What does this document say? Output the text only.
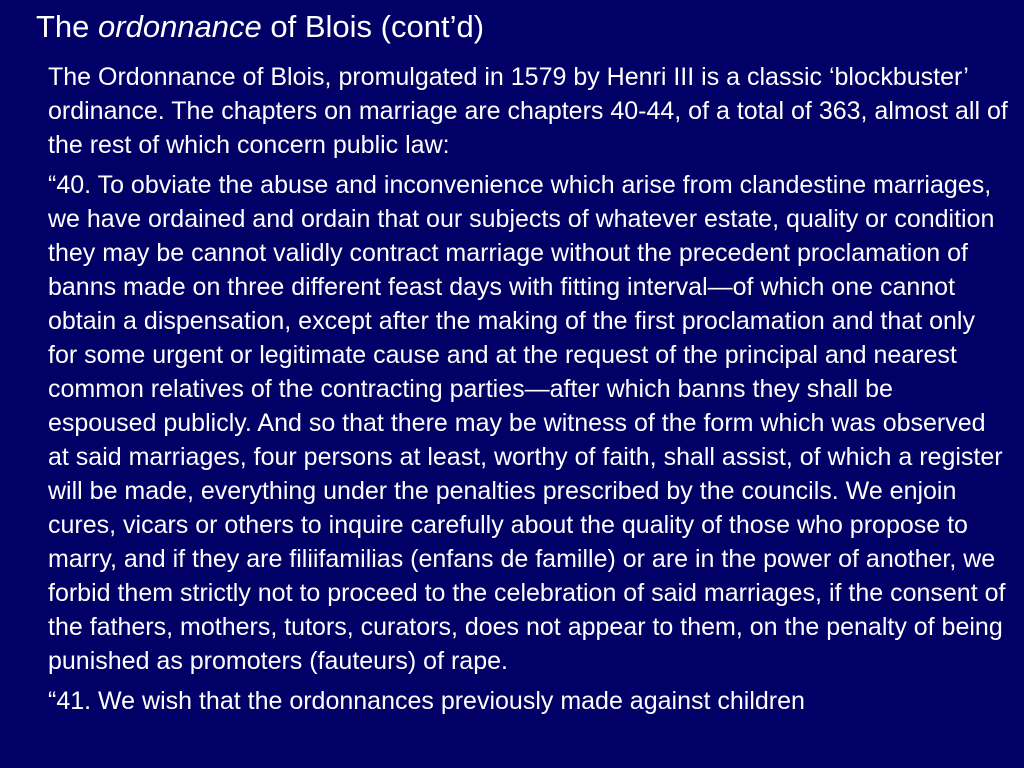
The ordonnance of Blois (cont’d)

The Ordonnance of Blois, promulgated in 1579 by Henri III is a classic ‘blockbuster’ ordinance. The chapters on marriage are chapters 40-44, of a total of 363, almost all of the rest of which concern public law:

“40. To obviate the abuse and inconvenience which arise from clandestine marriages, we have ordained and ordain that our subjects of whatever estate, quality or condition they may be cannot validly contract marriage without the precedent proclamation of banns made on three different feast days with fitting interval—of which one cannot obtain a dispensation, except after the making of the first proclamation and that only for some urgent or legitimate cause and at the request of the principal and nearest common relatives of the contracting parties—after which banns they shall be espoused publicly. And so that there may be witness of the form which was observed at said marriages, four persons at least, worthy of faith, shall assist, of which a register will be made, everything under the penalties prescribed by the councils. We enjoin cures, vicars or others to inquire carefully about the quality of those who propose to marry, and if they are filiifamilias (enfans de famille) or are in the power of another, we forbid them strictly not to proceed to the celebration of said marriages, if the consent of the fathers, mothers, tutors, curators, does not appear to them, on the penalty of being punished as promoters (fauteurs) of rape.

“41. We wish that the ordonnances previously made against children
